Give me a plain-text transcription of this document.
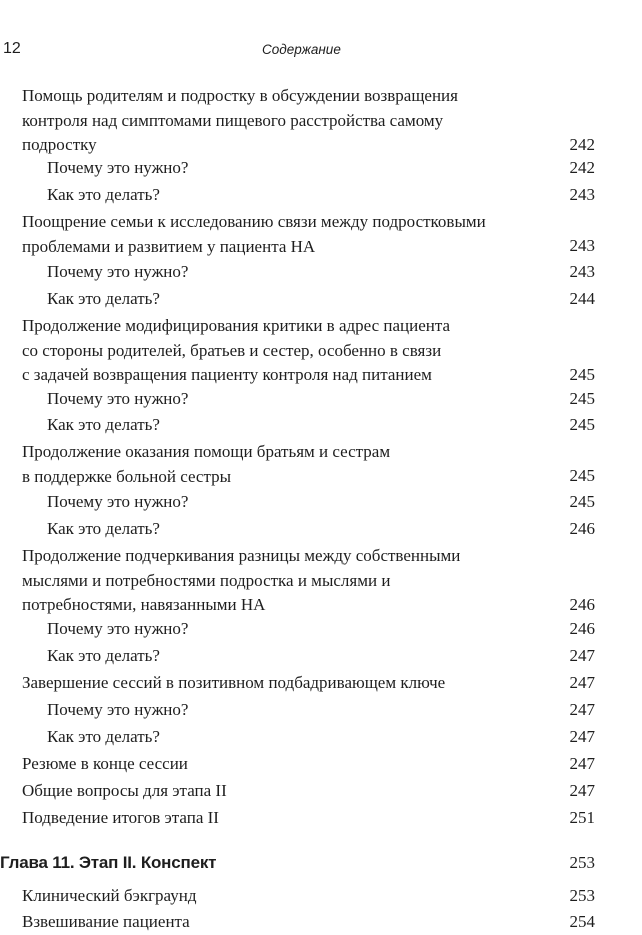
12	Содержание
Помощь родителям и подростку в обсуждении возвращения
контроля над симптомами пищевого расстройства самому
подростку	242
Почему это нужно?	242
Как это делать?	243
Поощрение семьи к исследованию связи между подростковыми
проблемами и развитием у пациента НА	243
Почему это нужно?	243
Как это делать?	244
Продолжение модифицирования критики в адрес пациента
со стороны родителей, братьев и сестер, особенно в связи
с задачей возвращения пациенту контроля над питанием	245
Почему это нужно?	245
Как это делать?	245
Продолжение оказания помощи братьям и сестрам
в поддержке больной сестры	245
Почему это нужно?	245
Как это делать?	246
Продолжение подчеркивания разницы между собственными
мыслями и потребностями подростка и мыслями и
потребностями, навязанными НА	246
Почему это нужно?	246
Как это делать?	247
Завершение сессий в позитивном подбадривающем ключе	247
Почему это нужно?	247
Как это делать?	247
Резюме в конце сессии	247
Общие вопросы для этапа II	247
Подведение итогов этапа II	251
Глава 11. Этап II. Конспект	253
Клинический бэкграунд	253
Взвешивание пациента	254
